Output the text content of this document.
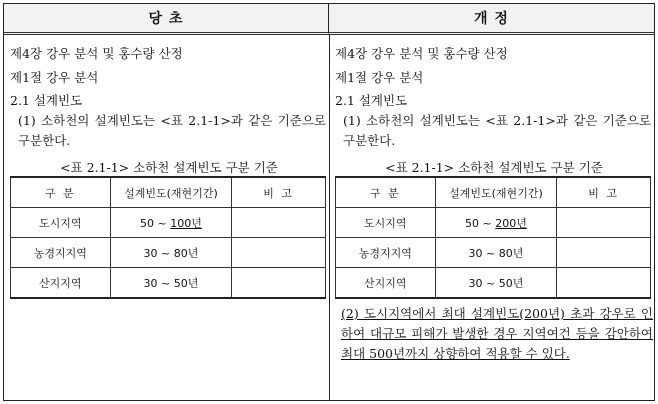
당 초	개 정
제4장 강우 분석 및 홍수량 산정
제1절 강우 분석
2.1 설계빈도
(1) 소하천의 설계빈도는 <표 2.1-1>과 같은 기준으로 구분한다.
<표 2.1-1> 소하천 설계빈도 구분 기준
구 분	설계빈도(재현기간)	비 고
도시지역	50 ~ 100년	
농경지지역	30 ~ 80년	
산지지역	30 ~ 50년	
제4장 강우 분석 및 홍수량 산정
제1절 강우 분석
2.1 설계빈도
(1) 소하천의 설계빈도는 <표 2.1-1>과 같은 기준으로 구분한다.
<표 2.1-1> 소하천 설계빈도 구분 기준
구 분	설계빈도(재현기간)	비 고
도시지역	50 ~ 200년	
농경지지역	30 ~ 80년	
산지지역	30 ~ 50년	
(2) 도시지역에서 최대 설계빈도(200년) 초과 강우로 인하여 대규모 피해가 발생한 경우 지역여건 등을 감안하여 최대 500년까지 상향하여 적용할 수 있다.
